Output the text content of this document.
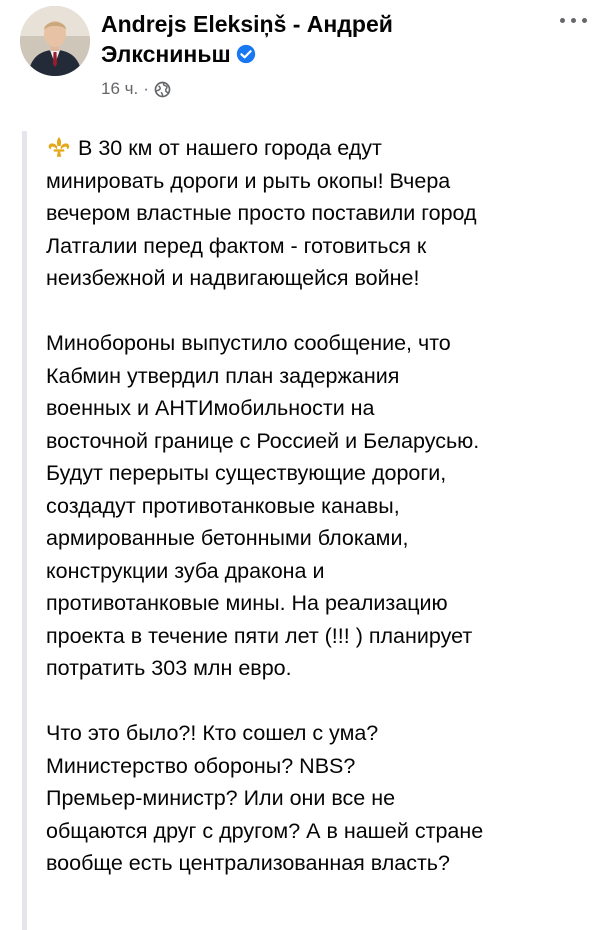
Andrejs Eleksiņš - Андрей
Элксниньш
16 ч. ·
В 30 км от нашего города едут
минировать дороги и рыть окопы! Вчера
вечером властные просто поставили город
Латгалии перед фактом - готовиться к
неизбежной и надвигающейся войне!
Минобороны выпустило сообщение, что
Кабмин утвердил план задержания
военных и АНТИмобильности на
восточной границе с Россией и Беларусью.
Будут перерыты существующие дороги,
создадут противотанковые канавы,
армированные бетонными блоками,
конструкции зуба дракона и
противотанковые мины. На реализацию
проекта в течение пяти лет (!!! ) планирует
потратить 303 млн евро.
Что это было?! Кто сошел с ума?
Министерство обороны? NBS?
Премьер-министр? Или они все не
общаются друг с другом? А в нашей стране
вообще есть централизованная власть?
